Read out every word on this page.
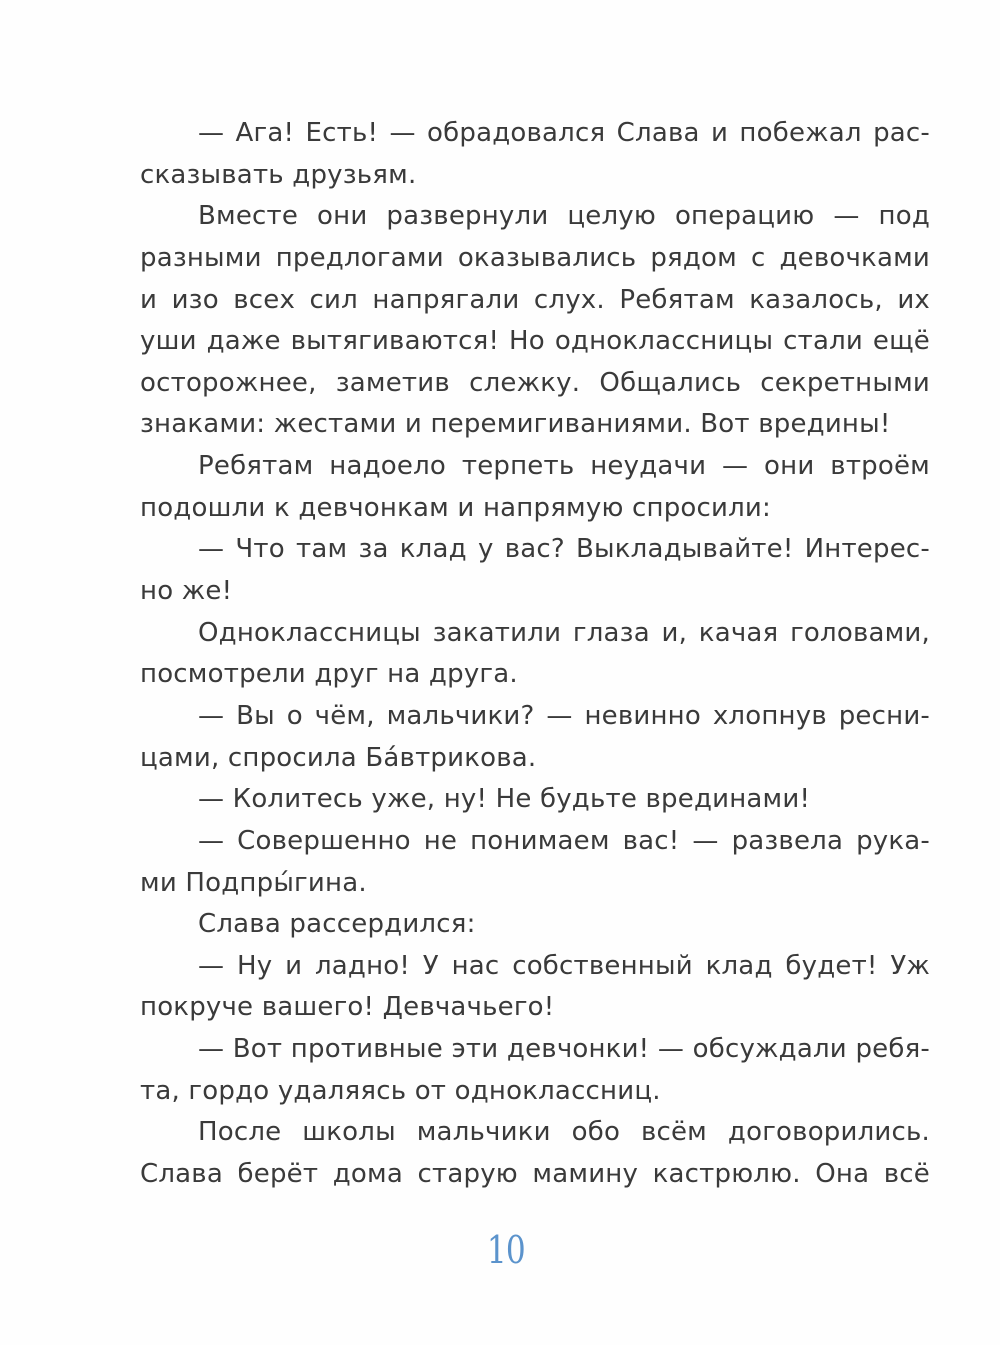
— Ага! Есть! — обрадовался Слава и побежал рас-
сказывать друзьям.
Вместе они развернули целую операцию — под
разными предлогами оказывались рядом с девочками
и изо всех сил напрягали слух. Ребятам казалось, их
уши даже вытягиваются! Но одноклассницы стали ещё
осторожнее, заметив слежку. Общались секретными
знаками: жестами и перемигиваниями. Вот вредины!
Ребятам надоело терпеть неудачи — они втроём
подошли к девчонкам и напрямую спросили:
— Что там за клад у вас? Выкладывайте! Интерес-
но же!
Одноклассницы закатили глаза и, качая головами,
посмотрели друг на друга.
— Вы о чём, мальчики? — невинно хлопнув ресни-
цами, спросила Ба́втрикова.
— Колитесь уже, ну! Не будьте врединами!
— Совершенно не понимаем вас! — развела рука-
ми Подпры́гина.
Слава рассердился:
— Ну и ладно! У нас собственный клад будет! Уж
покруче вашего! Девчачьего!
— Вот противные эти девчонки! — обсуждали ребя-
та, гордо удаляясь от одноклассниц.
После школы мальчики обо всём договорились.
Слава берёт дома старую мамину кастрюлю. Она всё
10
